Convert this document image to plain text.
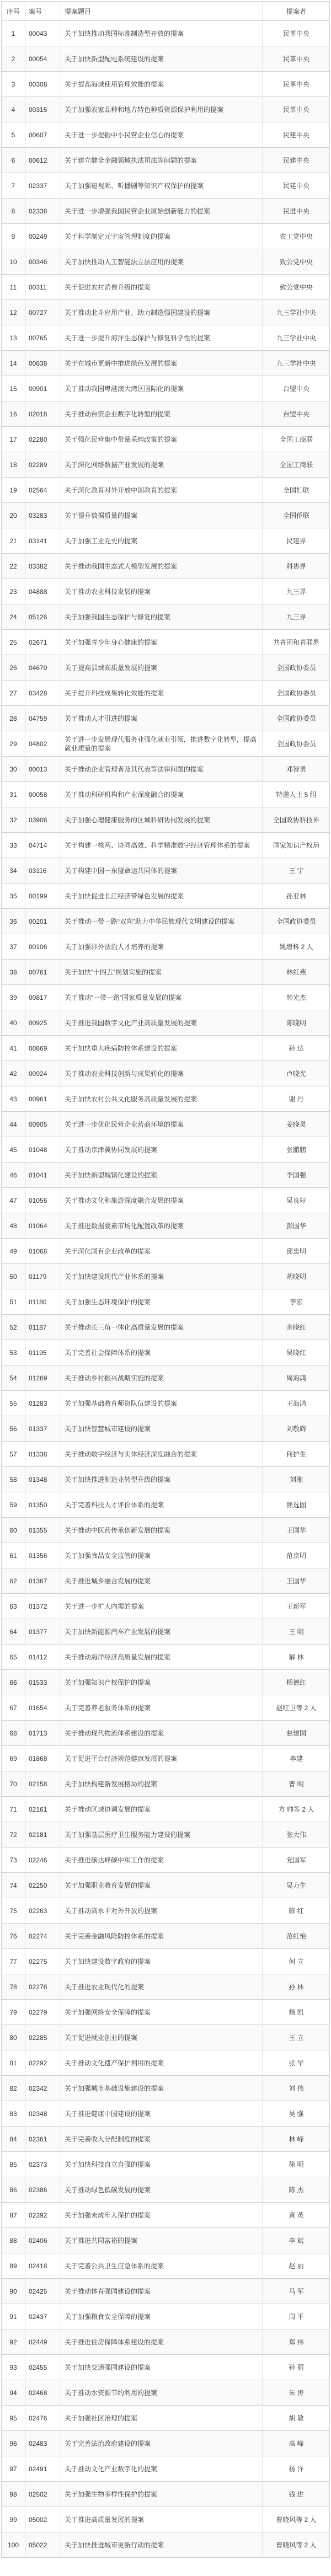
序号	案号	提案题目	提案者
1	00043	关于加快推动我国标准制造型开放的提案	民革中央
2	00054	关于加快新型配电系统建设的提案	民革中央
3	00308	关于提高海域使用管理效能的提案	民革中央
4	00315	关于加强农家品种和地方特色种质资源保护利用的提案	民革中央
5	00607	关于进一步提振中小民营企业信心的提案	民建中央
6	00612	关于建立健全金融领域执法司法等问题的提案	民建中央
7	02337	关于加强短视频、听播剧等知识产权保护的提案	民建中央
8	02338	关于进一步增强我国民营企业原始创新能力的提案	民进中央
9	00249	关于科学制定元宇宙管理制度的提案	农工党中央
10	00346	关于加快推动人工智能法立法应用的提案	致公党中央
11	00311	关于促进农村消费升级的提案	致公党中央
12	00727	关于推动北斗应用产业、助力制造强国建设的提案	九三学社中央
13	00765	关于进一步提升海洋生态保护与修复科学性的提案	九三学社中央
14	00838	关于在城市更新中推进绿色发展的提案	九三学社中央
15	00901	关于推动我国粤港澳大湾区国际化的提案	台盟中央
16	02018	关于推动台资企业数字化转型的提案	台盟中央
17	02280	关于强化民营集中带量采购政策的提案	全国工商联
18	02289	关于深化网络数据产业发展的提案	全国工商联
19	02564	关于深化教育对外开放中国教育的提案	全国妇联
20	03283	关于提升数据质量的提案	全国侨联
21	03141	关于加强工业党史的提案	民建界
22	03382	关于推动我国生态式大模型发展的提案	科协界
23	04888	关于推动农业科技发展的提案	九三界
24	05126	关于加强我国生态保护与修复的提案	九三界
25	02671	关于加强青少年身心健康的提案	共青团和青联界
26	04670	关于提高县域高质量发展的提案	全国政协委员
27	03428	关于提升科技成果转化效能的提案	全国政协委员
28	04759	关于推动人才引进的提案	全国政协委员
29	04802	关于进一步发展现代服务业强化就业引领，推进数字化转型，提高就业质量的提案	全国政协委员
30	00013	关于推动企业管理者及其代表等法律问题的提案	邓智勇
31	00058	关于推动科研机构和产业深度融合的提案	特邀人士 5 组
32	03906	关于加强心理健康服务的区域科研协同发展的提案	全国政协科技界
33	04714	关于构建一核两、协同高效、科学精准数字经济管理体系的提案	国家知识产权局
34	03116	关于构建中国一东盟命运共同体的提案	王 宁
35	00199	关于加快促进长江经济带绿色发展的提案	孙亚林
36	00201	关于推动一带一路“双向”助力中华民族现代文明建设的提案	全国政协委员
37	00106	关于加强涉外法治人才培养的提案	姚增科 2 人
38	00761	关于加快“十四五”规划实施的提案	林红燕
39	00817	关于推动“一带一路”国家质量发展的提案	韩光杰
40	00925	关于推进我国数字文化产业高质量发展的提案	陈晓明
41	00869	关于加快重大疾病防控体系建设的提案	孙 达
42	00924	关于推动农业科技创新与成果转化的提案	卢晓光
43	00961	关于加快农村公共文化服务高质量发展的提案	谢 丹
44	00905	关于进一步优化民营企业营商环境的提案	姜晓灵
45	01048	关于推动京津冀协同发展的提案	张鹏鹏
46	01041	关于加快新型城镇化建设的提案	李国强
47	01056	关于推动文化和旅游深度融合发展的提案	吴良好
48	01064	关于推进数据要素市场化配置改革的提案	彭国华
49	01068	关于深化国有企业改革的提案	邱忠明
50	01179	关于加快建设现代产业体系的提案	胡晓明
51	01180	关于加强生态环境保护的提案	李宏
52	01187	关于推动长三角一体化高质量发展的提案	余晓红
53	01195	关于完善社会保障体系的提案	吴晓红
54	01269	关于推动乡村振兴战略实施的提案	周海鸿
55	01283	关于加强基础教育师资队伍建设的提案	王海鸿
56	01337	关于加快智慧城市建设的提案	刘敬辉
57	01338	关于推动数字经济与实体经济深度融合的提案	何护生
58	01348	关于加快推进制造业转型升级的提案	刘湘
59	01350	关于完善科技人才评价体系的提案	熊选固
60	01355	关于推动中医药传承创新发展的提案	王国华
61	01356	关于加强食品安全监管的提案	范京明
62	01367	关于推进城乡融合发展的提案	王国华
63	01372	关于进一步扩大内需的提案	王新军
64	01377	关于加快新能源汽车产业发展的提案	王 明
65	01412	关于推动海洋经济高质量发展的提案	解 林
66	01533	关于加强知识产权保护的提案	杨德红
67	01654	关于完善养老服务体系的提案	赵红卫等 2 人
68	01713	关于推动现代物流体系建设的提案	赵建国
69	01868	关于促进平台经济规范健康发展的提案	李建
70	02158	关于加快构建新发展格局的提案	曹 明
71	02161	关于推动区域协调发展的提案	方 帅等 2 人
72	02181	关于加强基层医疗卫生服务能力建设的提案	张大伟
73	02246	关于推进碳达峰碳中和工作的提案	党国军
74	02250	关于加强职业教育发展的提案	吴力生
75	02263	关于推动高水平对外开放的提案	陈 红
76	02274	关于完善金融风险防控体系的提案	范红艳
77	02275	关于加快建设数字政府的提案	何 立
78	02278	关于推进农业现代化的提案	孙 林
79	02279	关于加强网络安全保障的提案	杨 凯
80	02285	关于促进就业创业的提案	王 立
81	02292	关于推动文化遗产保护利用的提案	张 华
82	02342	关于加强城市基础设施建设的提案	刘 伟
83	02348	关于推进健康中国建设的提案	吴 强
84	02361	关于完善收入分配制度的提案	林 峰
85	02373	关于加快科技自立自强的提案	徐 明
86	02386	关于推动绿色低碳发展的提案	陈 杰
87	02392	关于加强未成年人保护的提案	黄 英
88	02406	关于推进共同富裕的提案	李 斌
89	02418	关于完善公共卫生应急体系的提案	赵 丽
90	02425	关于推动体育强国建设的提案	马 军
91	02437	关于加强粮食安全保障的提案	周 平
92	02449	关于推进住房保障体系建设的提案	郑 伟
93	02455	关于加快交通强国建设的提案	孙 丽
94	02468	关于推动水资源节约利用的提案	朱 涛
95	02476	关于加强社区治理的提案	胡 敏
96	02483	关于完善法治政府建设的提案	高 峰
97	02491	关于推动文化产业数字化的提案	杨 洋
98	02502	关于加强生物多样性保护的提案	钱 进
99	05002	关于推进高质量发展的提案	曹晓风等 2 人
100	05022	关于加快推进城市更新行动的提案	曹晓风等 2 人
